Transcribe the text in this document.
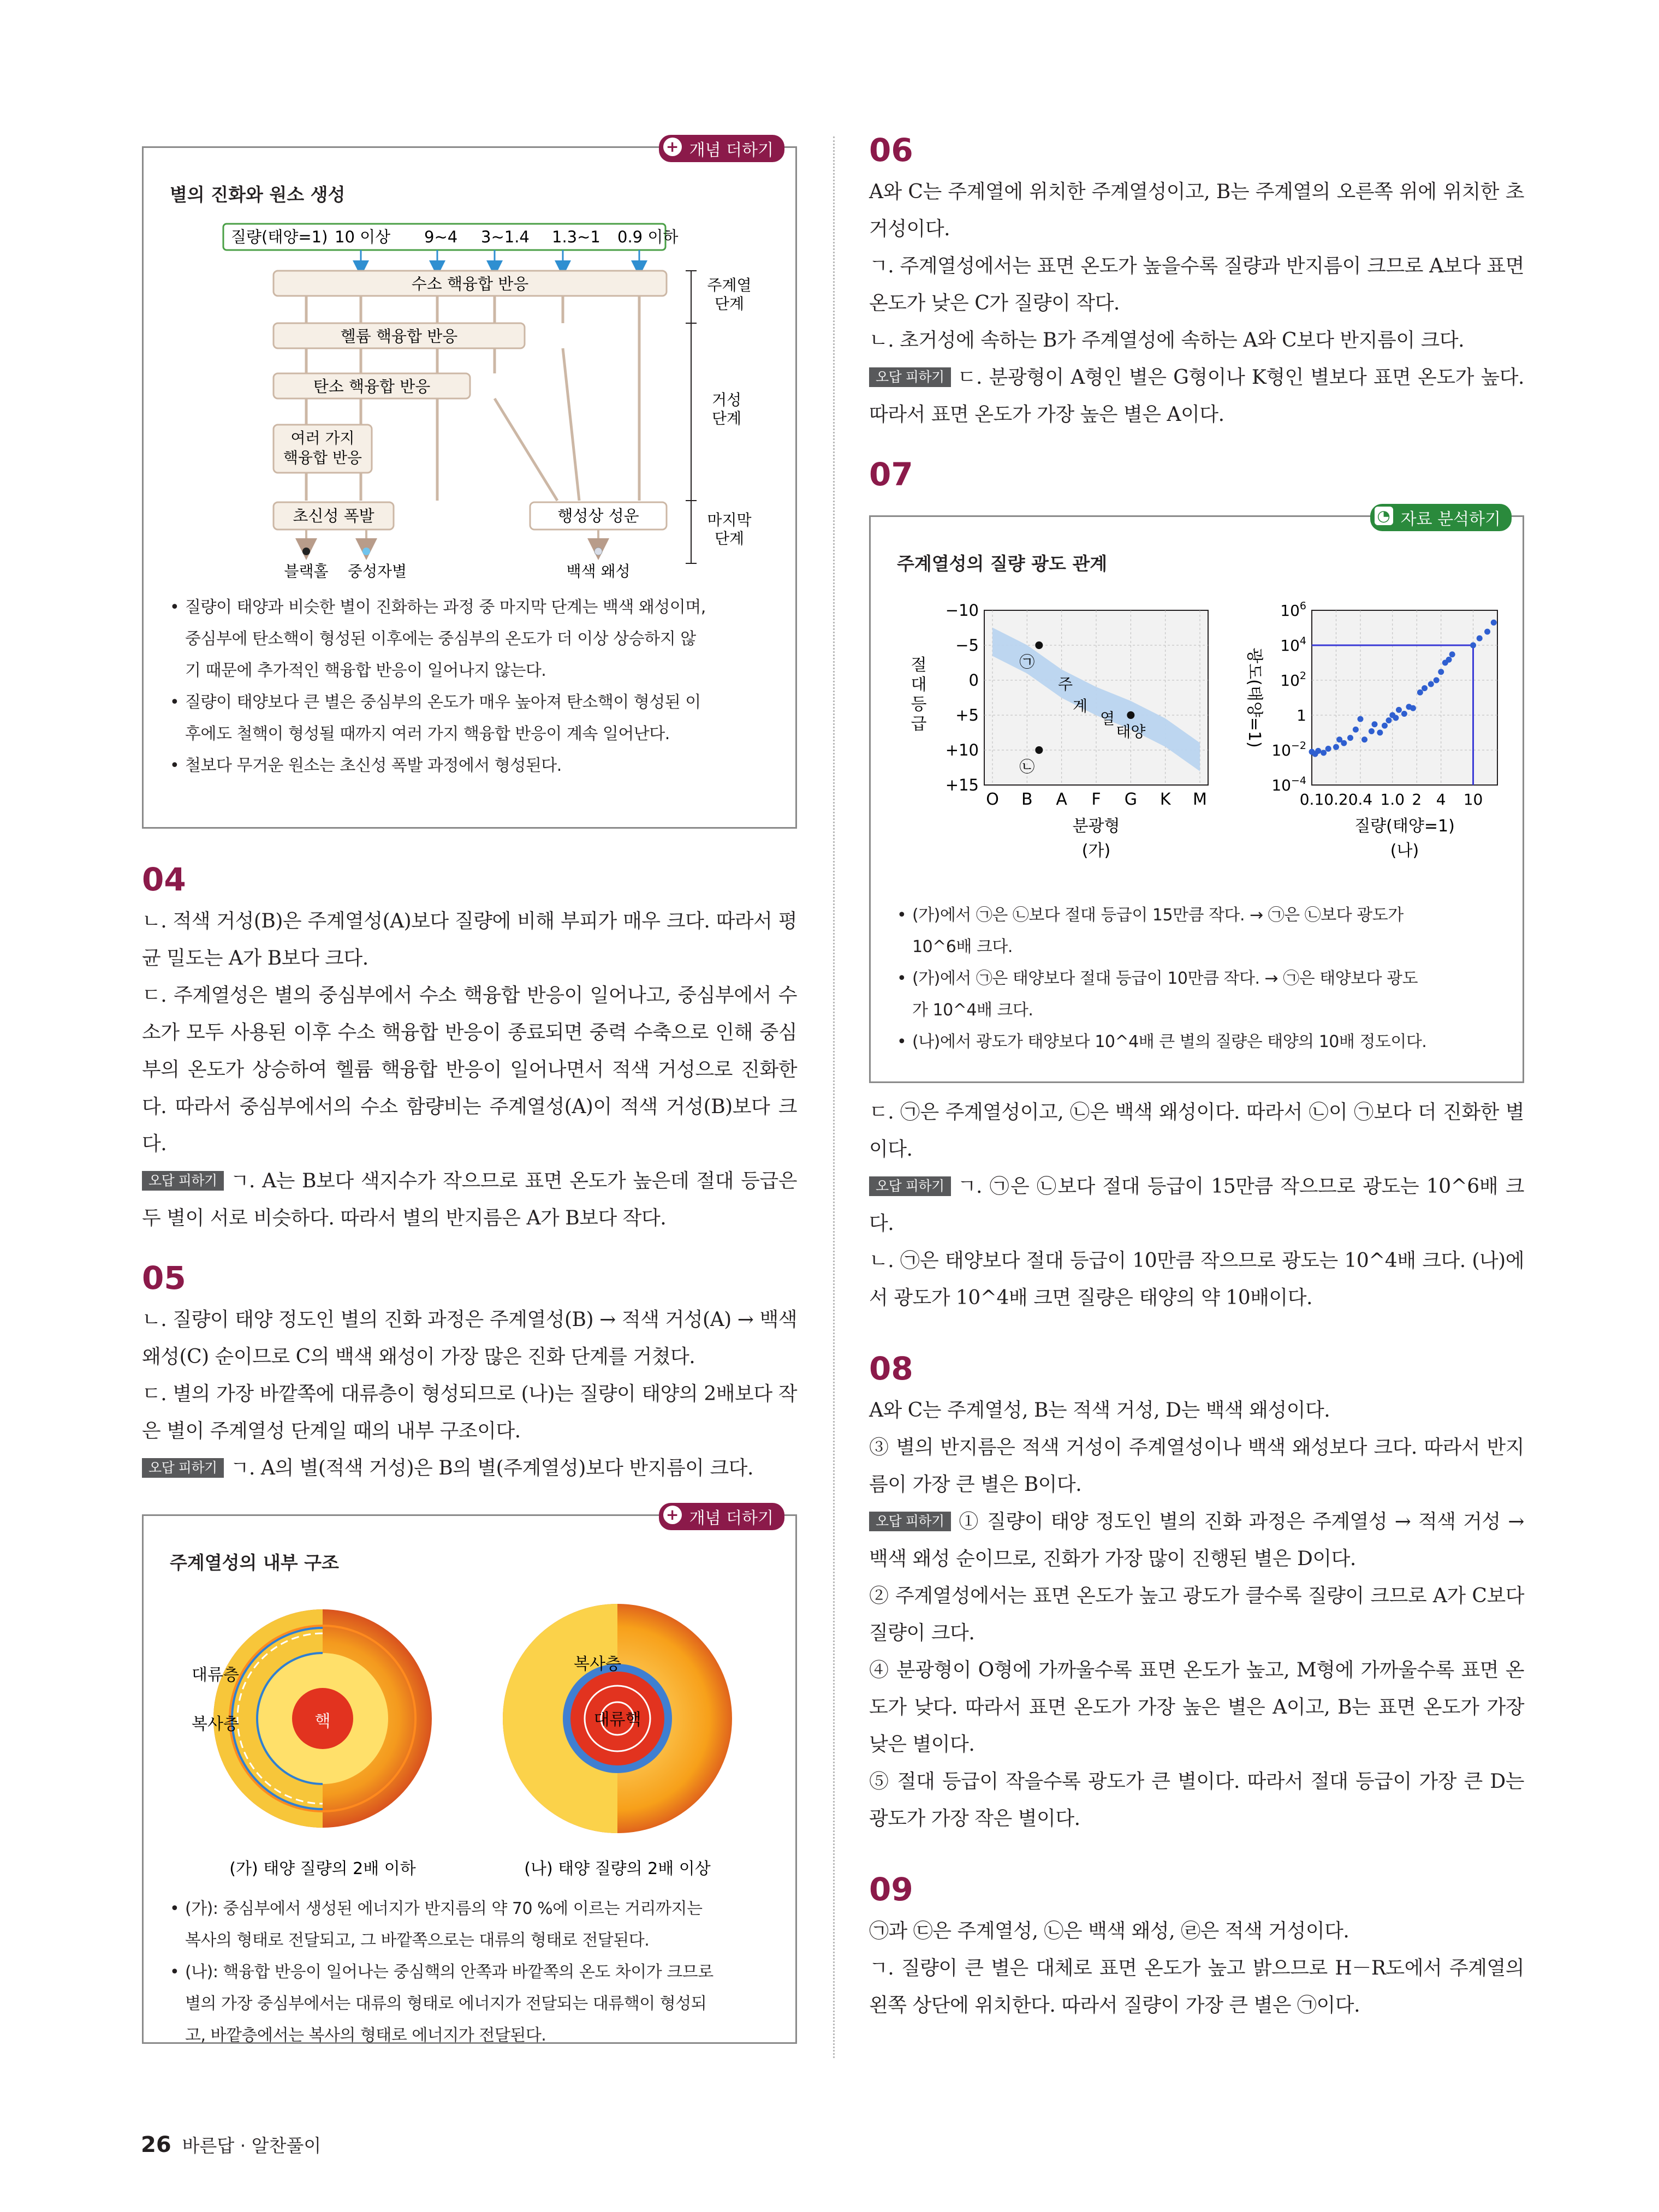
+ 개념 더하기
별의 진화와 원소 생성
질량(태양=1) 10 이상 9~4 3~1.4 1.3~1 0.9 이하
수소 핵융합 반응
헬륨 핵융합 반응
탄소 핵융합 반응
여러 가지
핵융합 반응
초신성 폭발	행성상 성운
블랙홀 중성자별	백색 왜성
주계열
단계
거성
단계
마지막
단계
• 질량이 태양과 비슷한 별이 진화하는 과정 중 마지막 단계는 백색 왜성이며,
중심부에 탄소핵이 형성된 이후에는 중심부의 온도가 더 이상 상승하지 않
기 때문에 추가적인 핵융합 반응이 일어나지 않는다.
• 질량이 태양보다 큰 별은 중심부의 온도가 매우 높아져 탄소핵이 형성된 이
후에도 철핵이 형성될 때까지 여러 가지 핵융합 반응이 계속 일어난다.
• 철보다 무거운 원소는 초신성 폭발 과정에서 형성된다.
04
ㄴ. 적색 거성(B)은 주계열성(A)보다 질량에 비해 부피가 매우 크다. 따라서 평균 밀도는 A가 B보다 크다.
ㄷ. 주계열성은 별의 중심부에서 수소 핵융합 반응이 일어나고, 중심부에서 수소가 모두 사용된 이후 수소 핵융합 반응이 종료되면 중력 수축으로 인해 중심부의 온도가 상승하여 헬륨 핵융합 반응이 일어나면서 적색 거성으로 진화한다. 따라서 중심부에서의 수소 함량비는 주계열성(A)이 적색 거성(B)보다 크다.
오답 피하기 ㄱ. A는 B보다 색지수가 작으므로 표면 온도가 높은데 절대 등급은 두 별이 서로 비슷하다. 따라서 별의 반지름은 A가 B보다 작다.
05
ㄴ. 질량이 태양 정도인 별의 진화 과정은 주계열성(B) → 적색 거성(A) → 백색 왜성(C) 순이므로 C의 백색 왜성이 가장 많은 진화 단계를 거쳤다.
ㄷ. 별의 가장 바깥쪽에 대류층이 형성되므로 (나)는 질량이 태양의 2배보다 작은 별이 주계열성 단계일 때의 내부 구조이다.
오답 피하기 ㄱ. A의 별(적색 거성)은 B의 별(주계열성)보다 반지름이 크다.
+ 개념 더하기
주계열성의 내부 구조
대류층
복사층	핵
복사층
대류핵
(가) 태양 질량의 2배 이하	(나) 태양 질량의 2배 이상
• (가): 중심부에서 생성된 에너지가 반지름의 약 70 %에 이르는 거리까지는
복사의 형태로 전달되고, 그 바깥쪽으로는 대류의 형태로 전달된다.
• (나): 핵융합 반응이 일어나는 중심핵의 안쪽과 바깥쪽의 온도 차이가 크므로
별의 가장 중심부에서는 대류의 형태로 에너지가 전달되는 대류핵이 형성되
고, 바깥층에서는 복사의 형태로 에너지가 전달된다.
06
A와 C는 주계열에 위치한 주계열성이고, B는 주계열의 오른쪽 위에 위치한 초거성이다.
ㄱ. 주계열성에서는 표면 온도가 높을수록 질량과 반지름이 크므로 A보다 표면 온도가 낮은 C가 질량이 작다.
ㄴ. 초거성에 속하는 B가 주계열성에 속하는 A와 C보다 반지름이 크다.
오답 피하기 ㄷ. 분광형이 A형인 별은 G형이나 K형인 별보다 표면 온도가 높다. 따라서 표면 온도가 가장 높은 별은 A이다.
07
◔ 자료 분석하기
주계열성의 질량 광도 관계
O B A F G K M
−10
−5
0
+5
+10
+15
절
대
등
급
분광형
(가)
주
계
열
㉠
태양
㉡
0.1 0.2 0.4 1.0 2 4 10
$10^6$
$10^4$
$10^2$
1
$10^{-2}$
$10^{-4}$
광도(태양=1)
질량(태양=1)
(나)
• (가)에서 ㉠은 ㉡보다 절대 등급이 15만큼 작다. → ㉠은 ㉡보다 광도가
10^6배 크다.
• (가)에서 ㉠은 태양보다 절대 등급이 10만큼 작다. → ㉠은 태양보다 광도
가 10^4배 크다.
• (나)에서 광도가 태양보다 10^4배 큰 별의 질량은 태양의 10배 정도이다.
ㄷ. ㉠은 주계열성이고, ㉡은 백색 왜성이다. 따라서 ㉡이 ㉠보다 더 진화한 별이다.
오답 피하기 ㄱ. ㉠은 ㉡보다 절대 등급이 15만큼 작으므로 광도는 10^6배 크다.
ㄴ. ㉠은 태양보다 절대 등급이 10만큼 작으므로 광도는 10^4배 크다. (나)에서 광도가 10^4배 크면 질량은 태양의 약 10배이다.
08
A와 C는 주계열성, B는 적색 거성, D는 백색 왜성이다.
③ 별의 반지름은 적색 거성이 주계열성이나 백색 왜성보다 크다. 따라서 반지름이 가장 큰 별은 B이다.
오답 피하기 ① 질량이 태양 정도인 별의 진화 과정은 주계열성 → 적색 거성 → 백색 왜성 순이므로, 진화가 가장 많이 진행된 별은 D이다.
② 주계열성에서는 표면 온도가 높고 광도가 클수록 질량이 크므로 A가 C보다 질량이 크다.
④ 분광형이 O형에 가까울수록 표면 온도가 높고, M형에 가까울수록 표면 온도가 낮다. 따라서 표면 온도가 가장 높은 별은 A이고, B는 표면 온도가 가장 낮은 별이다.
⑤ 절대 등급이 작을수록 광도가 큰 별이다. 따라서 절대 등급이 가장 큰 D는 광도가 가장 작은 별이다.
09
㉠과 ㉢은 주계열성, ㉡은 백색 왜성, ㉣은 적색 거성이다.
ㄱ. 질량이 큰 별은 대체로 표면 온도가 높고 밝으므로 H－R도에서 주계열의 왼쪽 상단에 위치한다. 따라서 질량이 가장 큰 별은 ㉠이다.
26 바른답 · 알찬풀이
